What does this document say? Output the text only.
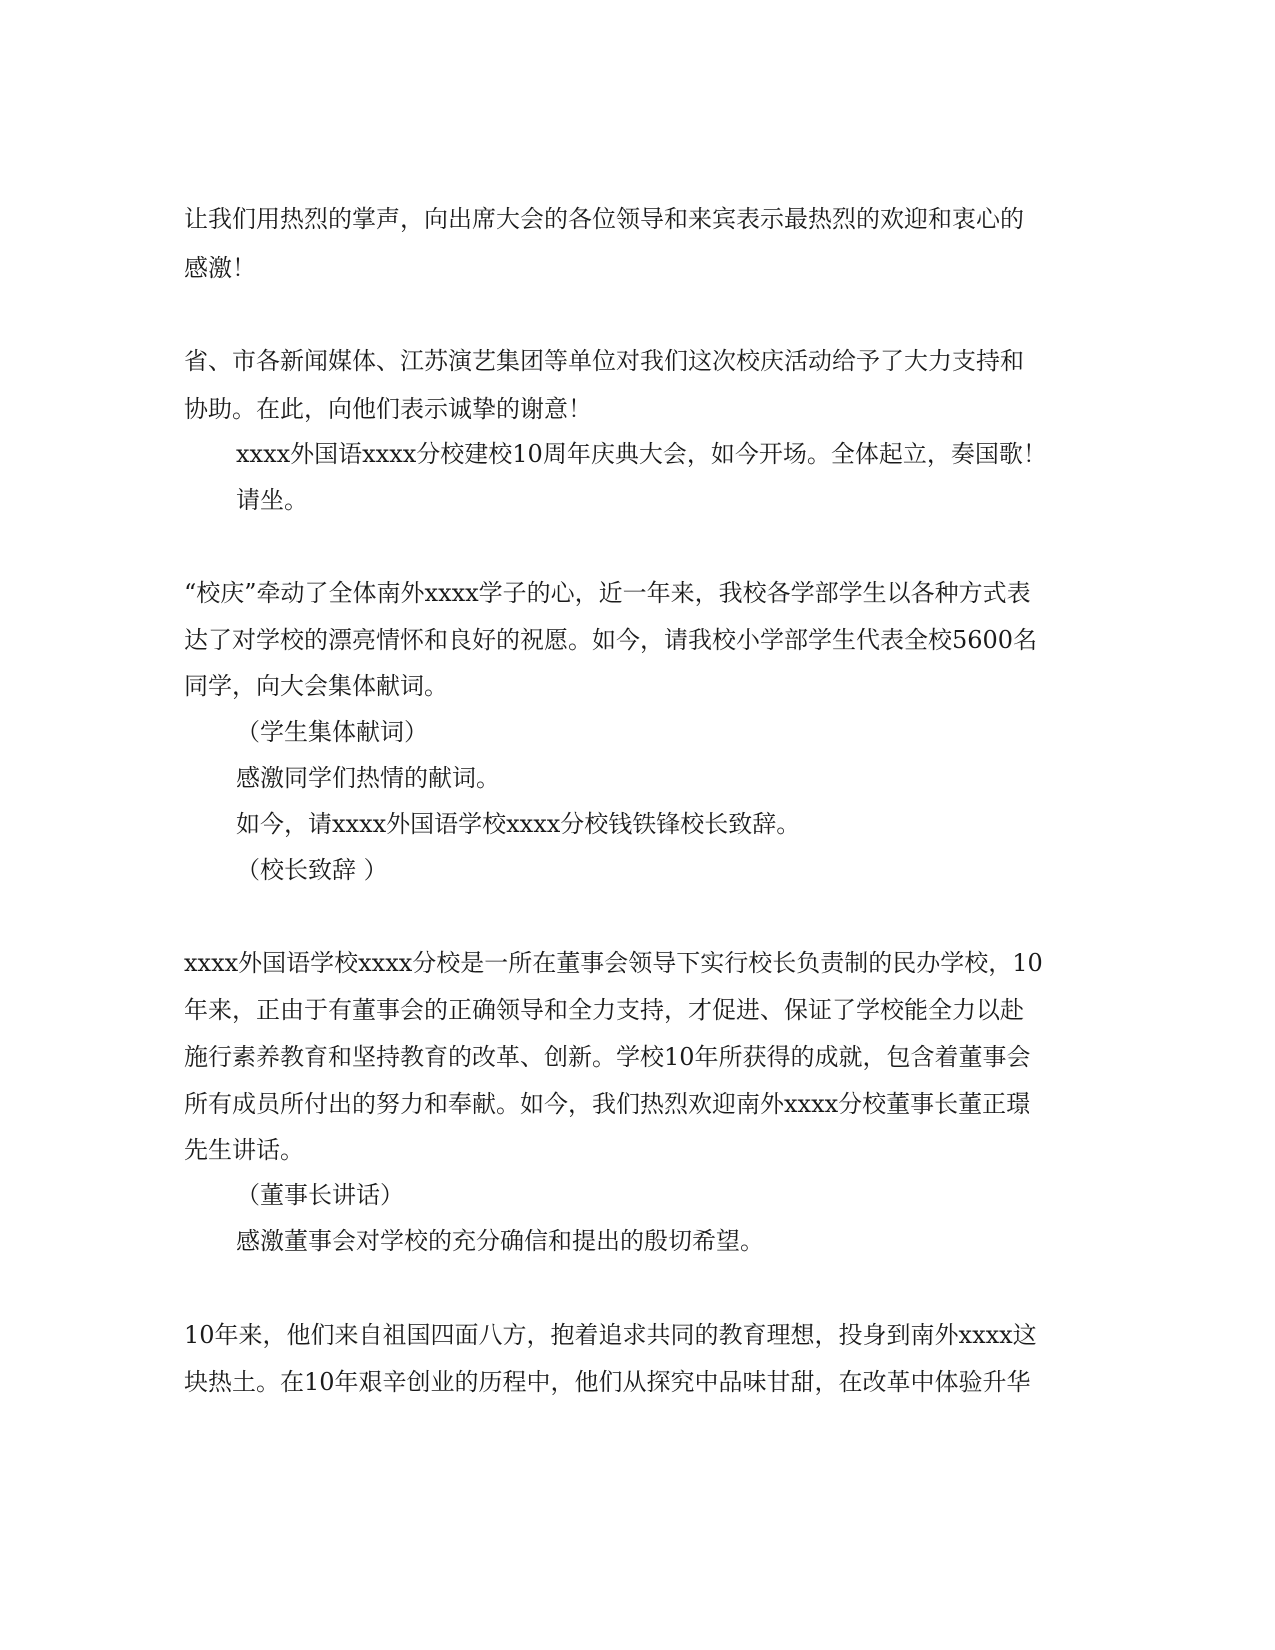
让我们用热烈的掌声，向出席大会的各位领导和来宾表示最热烈的欢迎和衷心的
感激！
省、市各新闻媒体、江苏演艺集团等单位对我们这次校庆活动给予了大力支持和
协助。在此，向他们表示诚挚的谢意！
xxxx外国语xxxx分校建校10周年庆典大会，如今开场。全体起立，奏国歌！
请坐。
“校庆”牵动了全体南外xxxx学子的心，近一年来，我校各学部学生以各种方式表
达了对学校的漂亮情怀和良好的祝愿。如今，请我校小学部学生代表全校5600名
同学，向大会集体献词。
（学生集体献词）
感激同学们热情的献词。
如今，请xxxx外国语学校xxxx分校钱铁锋校长致辞。
（校长致辞 ）
xxxx外国语学校xxxx分校是一所在董事会领导下实行校长负责制的民办学校，10
年来，正由于有董事会的正确领导和全力支持，才促进、保证了学校能全力以赴
施行素养教育和坚持教育的改革、创新。学校10年所获得的成就，包含着董事会
所有成员所付出的努力和奉献。如今，我们热烈欢迎南外xxxx分校董事长董正璟
先生讲话。
（董事长讲话）
感激董事会对学校的充分确信和提出的殷切希望。
10年来，他们来自祖国四面八方，抱着追求共同的教育理想，投身到南外xxxx这
块热土。在10年艰辛创业的历程中，他们从探究中品味甘甜，在改革中体验升华
